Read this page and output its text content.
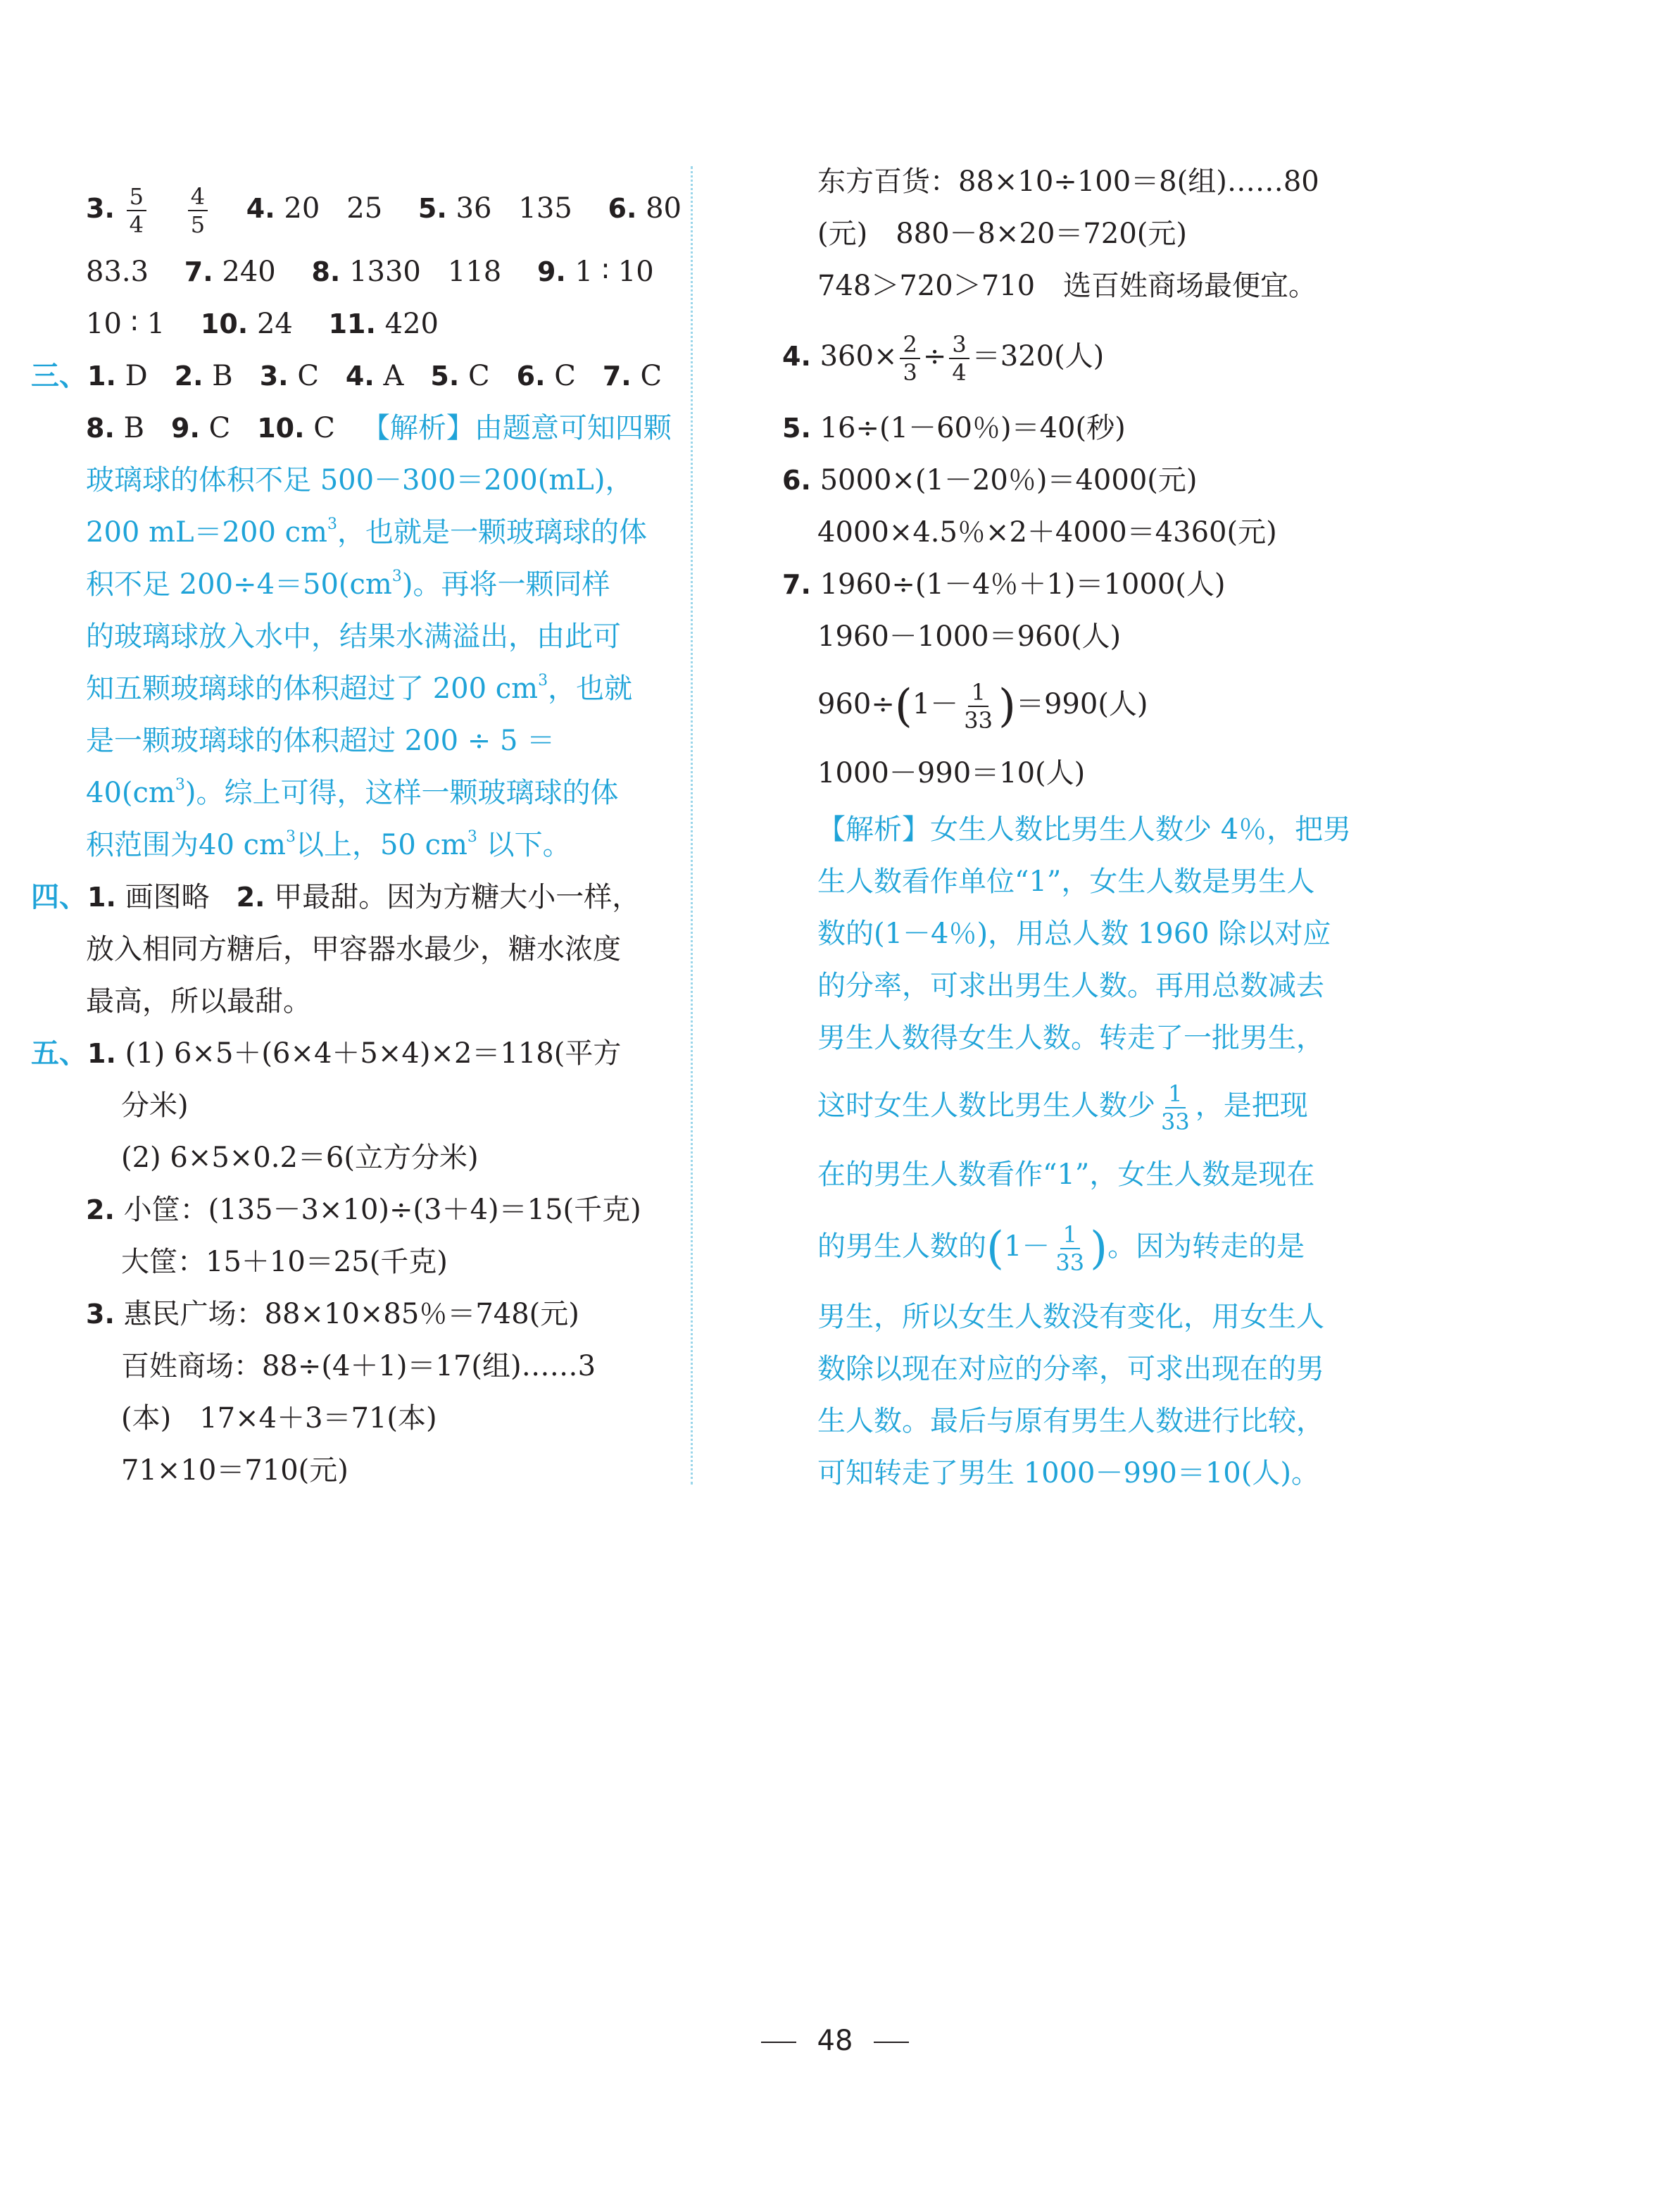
3. $\frac{5}{4}$
$\frac{4}{5} 4$. 20 25 5. 36 135 6. 80
83.3 7. 240 8. 1330 118 9. 1 ∶ 10
10 ∶ 1 10. 24 11. 420
三、1. D 2. B 3. C 4. A 5. C 6. C 7. C
8. B 9. C 10. C 【解析】由题意可知四颗
玻璃球的体积不足 500－300＝200(mL)，
200 mL＝200 $cm^3$，也就是一颗玻璃球的体
积不足 $200\div 4=50(cm^3)$。再将一颗同样
的玻璃球放入水中，结果水满溢出，由此可
知五颗玻璃球的体积超过了 200 $cm^3$，也就
是一颗玻璃球的体积超过 200 ÷ 5 ＝
$40(cm^3)$。综上可得，这样一颗玻璃球的体
积范围为40 $cm^3$以上，50 $cm^3$ 以下。
四、1. 画图略 2. 甲最甜。因为方糖大小一样，
放入相同方糖后，甲容器水最少，糖水浓度
最高，所以最甜。
五、1. (1) 6×5＋(6×4＋5×4)×2＝118(平方
分米)
(2) 6×5×0.2＝6(立方分米)
2. 小筐：(135－3×10)÷(3＋4)＝15(千克)
大筐：15＋10＝25(千克)
3. 惠民广场：88×10×85％＝748(元)
百姓商场：88÷(4＋1)＝17(组)……3
(本)　17×4＋3＝71(本)
71×10＝710(元)
东方百货：88×10÷100＝8(组)……80
(元)　880－8×20＝720(元)
748＞720＞710　选百姓商场最便宜。
4. $360\times \frac{2}{3} \div \frac{3}{4} =320$(人)
5. 16÷(1－60％)＝40(秒)
6. 5000×(1－20％)＝4000(元)
4000×4.5％×2＋4000＝4360(元)
7. 1960÷(1－4％＋1)＝1000(人)
1960－1000＝960(人)
$960\div(1- \frac{1}{33} )=990$(人)
1000－990＝10(人)
【解析】女生人数比男生人数少 4％，把男
生人数看作单位“1”，女生人数是男生人
数的(1－4％)，用总人数 1960 除以对应
的分率，可求出男生人数。再用总数减去
男生人数得女生人数。转走了一批男生，
这时女生人数比男生人数少 $\frac{1}{33}$ ，是把现
在的男生人数看作“1”，女生人数是现在
的男生人数的($1- \frac{1}{33}$ )。因为转走的是
男生，所以女生人数没有变化，用女生人
数除以现在对应的分率，可求出现在的男
生人数。最后与原有男生人数进行比较，
可知转走了男生 1000－990＝10(人)。
48
